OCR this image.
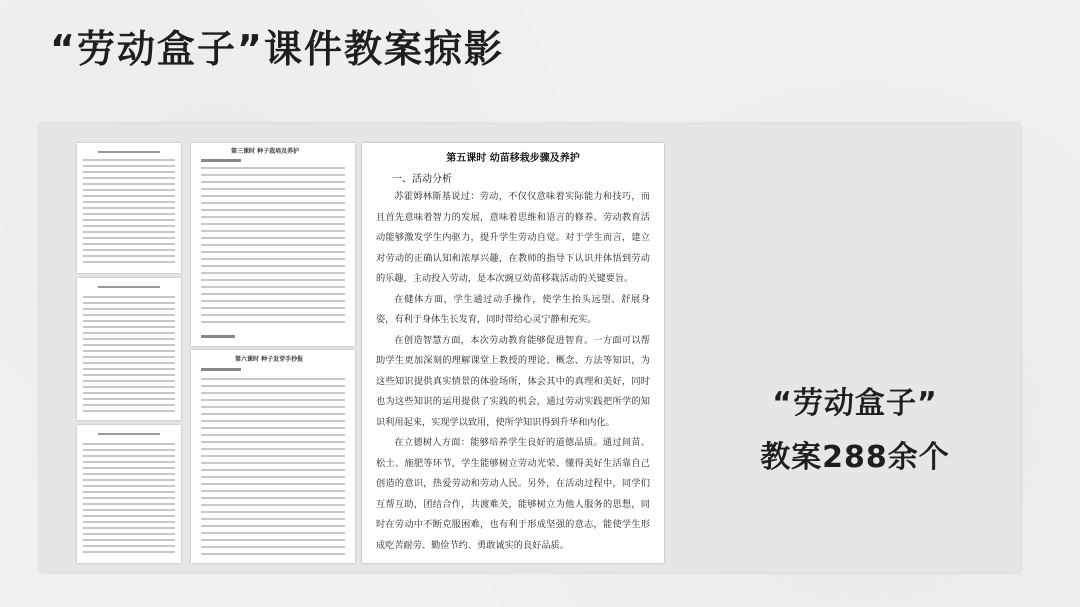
“劳动盒子”课件教案掠影
第三课时 种子栽培及养护
第六课时 种子发芽手抄报
第五课时 幼苗移栽步骤及养护
一、活动分析

苏霍姆林斯基说过：劳动，不仅仅意味着实际能力和技巧，而且首先意味着智力的发展，意味着思维和语言的修养。劳动教育活动能够激发学生内驱力，提升学生劳动自觉。对于学生而言，建立对劳动的正确认知和浓厚兴趣，在教师的指导下认识并体悟到劳动的乐趣，主动投入劳动，是本次豌豆幼苗移栽活动的关键要旨。

在健体方面，学生通过动手操作，使学生抬头远望、舒展身姿，有利于身体生长发育，同时带给心灵宁静和充实。

在创造智慧方面，本次劳动教育能够促进智育。一方面可以帮助学生更加深刻的理解课堂上教授的理论、概念、方法等知识，为这些知识提供真实情景的体验场所，体会其中的真理和美好，同时也为这些知识的运用提供了实践的机会，通过劳动实践把所学的知识利用起来，实现学以致用，使所学知识得到升华和内化。

在立德树人方面：能够培养学生良好的道德品质。通过间苗、松土、施肥等环节，学生能够树立劳动光荣、懂得美好生活靠自己创造的意识，热爱劳动和劳动人民。另外，在活动过程中，同学们互帮互助，团结合作，共渡难关，能够树立为他人服务的思想，同时在劳动中不断克服困难，也有利于形成坚强的意志，能使学生形成吃苦耐劳、勤俭节约、勇敢诚实的良好品质。

“劳动盒子”
教案288余个
